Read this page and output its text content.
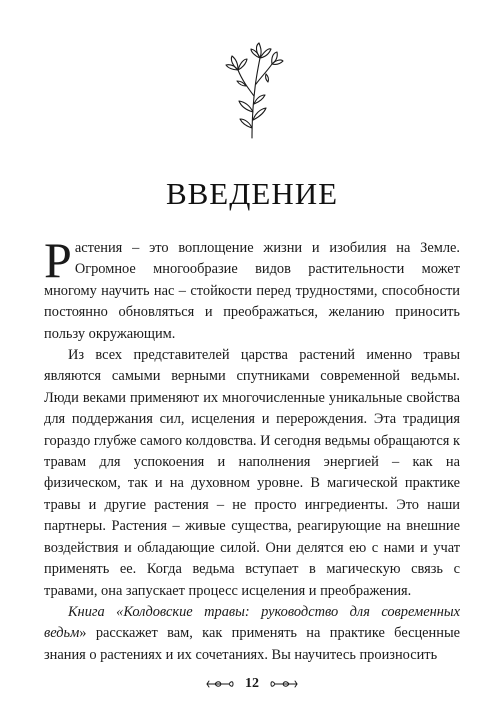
ВВЕДЕНИЕ

Растения – это воплощение жизни и изобилия на Земле. Огромное многообразие видов растительности может многому научить нас – стойкости перед трудностями, способности постоянно обновляться и преображаться, желанию приносить пользу окружающим.

Из всех представителей царства растений именно травы являются самыми верными спутниками современной ведьмы. Люди веками применяют их многочисленные уникальные свойства для поддержания сил, исцеления и перерождения. Эта традиция гораздо глубже самого колдовства. И сегодня ведьмы обращаются к травам для успокоения и наполнения энергией – как на физическом, так и на духовном уровне. В магической практике травы и другие растения – не просто ингредиенты. Это наши партнеры. Растения – живые существа, реагирующие на внешние воздействия и обладающие силой. Они делятся ею с нами и учат применять ее. Когда ведьма вступает в магическую связь с травами, она запускает процесс исцеления и преображения.

Книга «Колдовские травы: руководство для современных ведьм» расскажет вам, как применять на практике бесценные знания о растениях и их сочетаниях. Вы научитесь произносить

12
